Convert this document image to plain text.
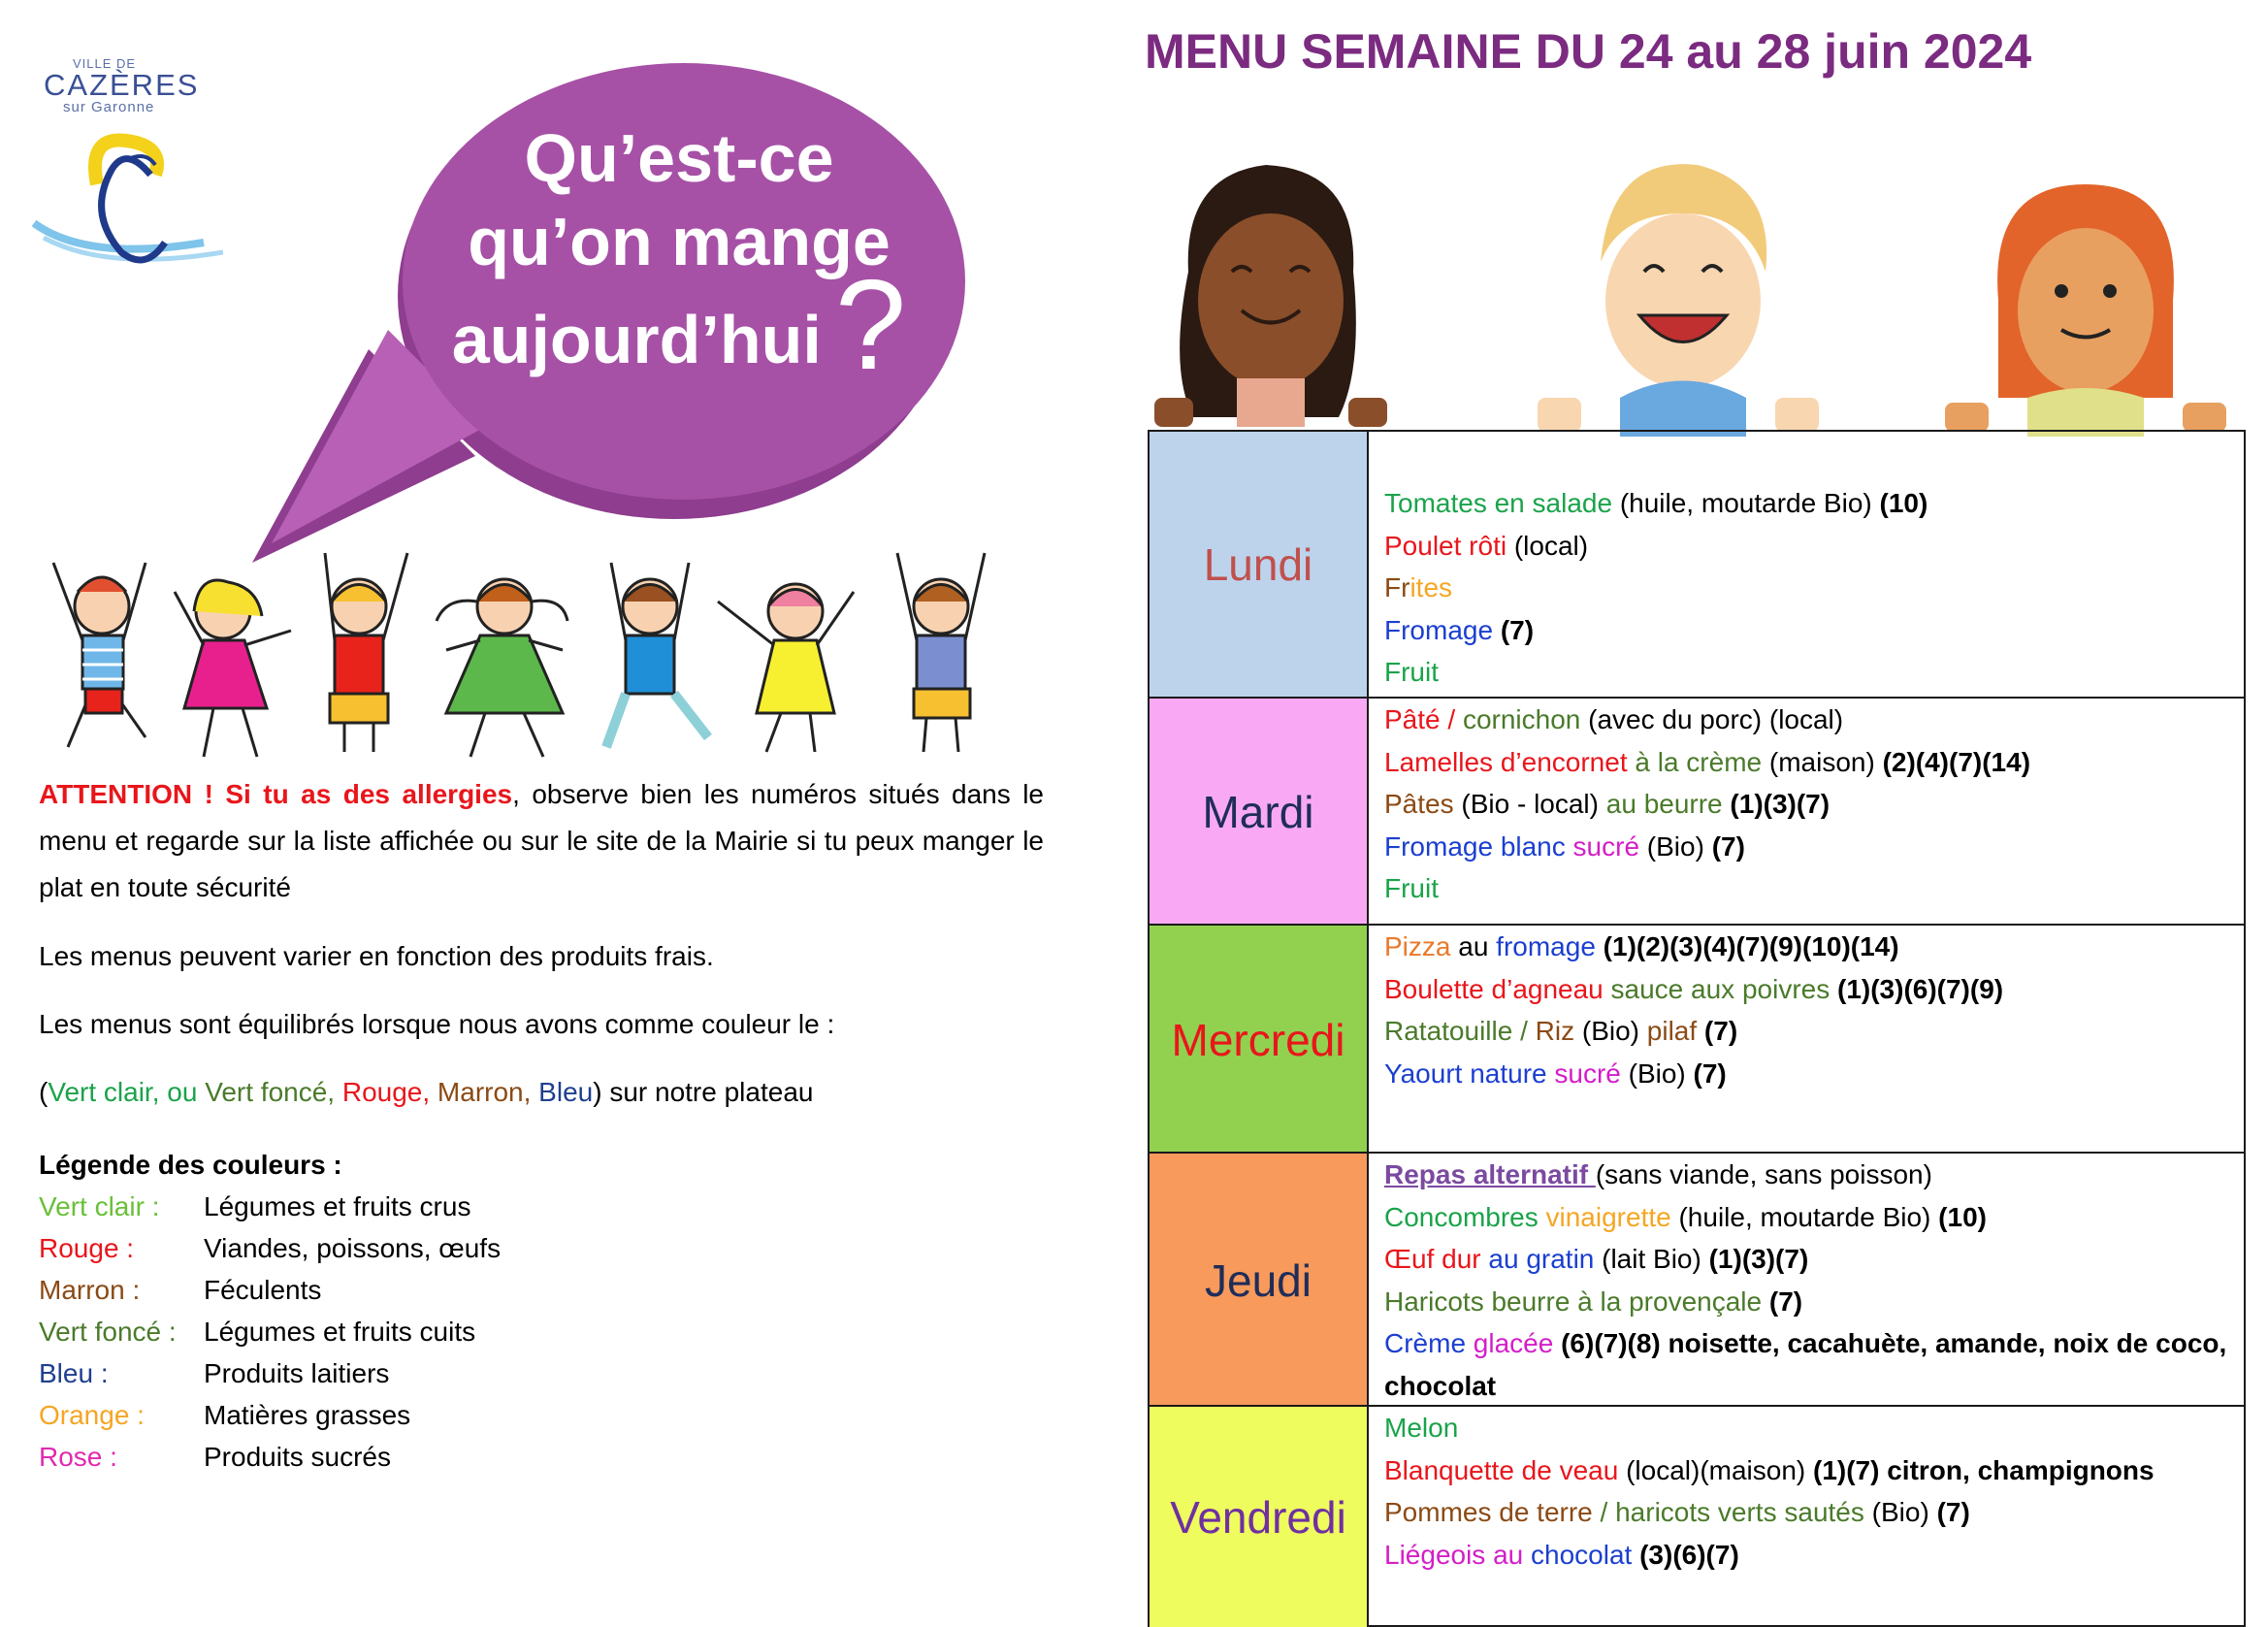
VILLE DE
CAZÈRES
sur Garonne
Qu’est-ce
qu’on mange
aujourd’hui ?
ATTENTION ! Si tu as des allergies, observe bien les numéros situés dans le menu et regarde sur la liste affichée ou sur le site de la Mairie si tu peux manger le plat en toute sécurité
Les menus peuvent varier en fonction des produits frais.
Les menus sont équilibrés lorsque nous avons comme couleur le :
(Vert clair, ou Vert foncé, Rouge, Marron, Bleu) sur notre plateau
Légende des couleurs :
Vert clair : Légumes et fruits crus
Rouge :	Viandes, poissons, œufs
Marron : Féculents
Vert foncé : Légumes et fruits cuits
Bleu :	Produits laitiers
Orange : Matières grasses
Rose :	Produits sucrés
MENU SEMAINE DU 24 au 28 juin 2024
Lundi
Tomates en salade (huile, moutarde Bio) (10)
Poulet rôti (local)
Frites
Fromage (7)
Fruit
Mardi
Pâté / cornichon (avec du porc) (local)
Lamelles d’encornet à la crème (maison) (2)(4)(7)(14)
Pâtes (Bio - local) au beurre (1)(3)(7)
Fromage blanc sucré (Bio) (7)
Fruit
Mercredi
Pizza au fromage (1)(2)(3)(4)(7)(9)(10)(14)
Boulette d’agneau sauce aux poivres (1)(3)(6)(7)(9)
Ratatouille / Riz (Bio) pilaf (7)
Yaourt nature sucré (Bio) (7)
Jeudi
Repas alternatif (sans viande, sans poisson)
Concombres vinaigrette (huile, moutarde Bio) (10)
Œuf dur au gratin (lait Bio) (1)(3)(7)
Haricots beurre à la provençale (7)
Crème glacée (6)(7)(8) noisette, cacahuète, amande, noix de coco, chocolat
Vendredi
Melon
Blanquette de veau (local)(maison) (1)(7) citron, champignons
Pommes de terre / haricots verts sautés (Bio) (7)
Liégeois au chocolat (3)(6)(7)
